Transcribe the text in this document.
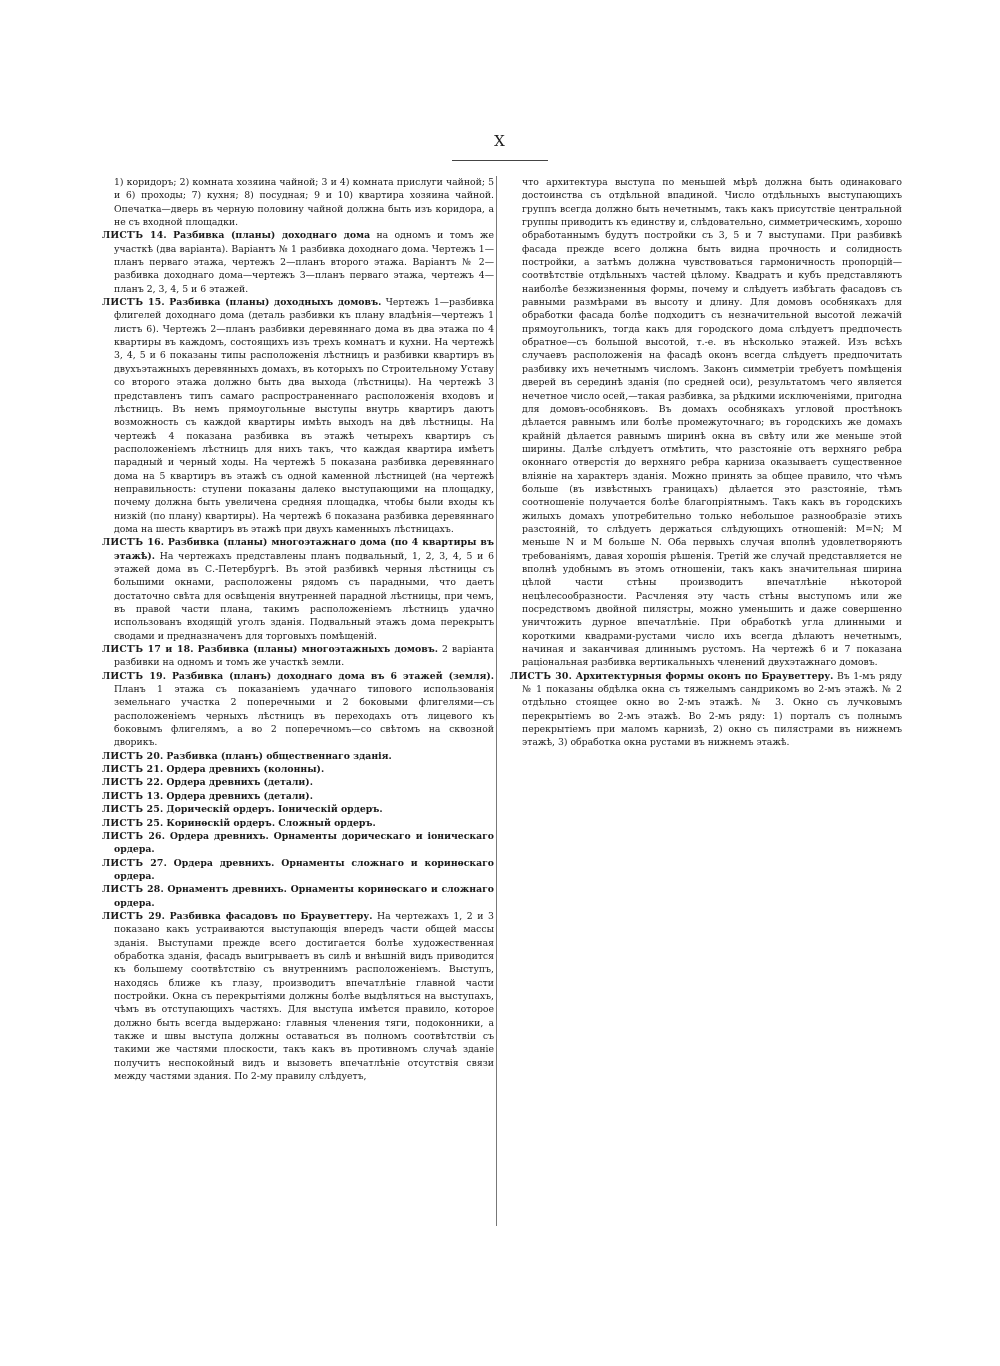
X

1) коридоръ; 2) комната хозяина чайной; 3 и 4) комната прислуги чайной; 5 и 6) проходы; 7) кухня; 8) посудная; 9 и 10) квартира хозяина чайной. Опечатка—дверь въ черную половину чайной должна быть изъ коридора, а не съ входной площадки.

ЛИСТЪ 14. Разбивка (планы) доходнаго дома на одномъ и томъ же участкѣ (два варіанта). Варіантъ № 1 разбивка доходнаго дома. Чертежъ 1—планъ перваго этажа, чертежъ 2—планъ второго этажа. Варіантъ № 2—разбивка доходнаго дома—чертежъ 3—планъ перваго этажа, чертежъ 4—планъ 2, 3, 4, 5 и 6 этажей.

ЛИСТЪ 15. Разбивка (планы) доходныхъ домовъ. Чертежъ 1—разбивка флигелей доходнаго дома (деталь разбивки къ плану владѣнія—чертежъ 1 листъ 6). Чертежъ 2—планъ разбивки деревяннаго дома въ два этажа по 4 квартиры въ каждомъ, состоящихъ изъ трехъ комнатъ и кухни. На чертежѣ 3, 4, 5 и 6 показаны типы расположенія лѣстницъ и разбивки квартиръ въ двухъэтажныхъ деревянныхъ домахъ, въ которыхъ по Строительному Уставу со второго этажа должно быть два выхода (лѣстницы). На чертежѣ 3 представленъ типъ самаго распространеннаго расположенія входовъ и лѣстницъ. Въ немъ прямоугольные выступы внутрь квартиръ даютъ возможность съ каждой квартиры имѣть выходъ на двѣ лѣстницы. На чертежѣ 4 показана разбивка въ этажѣ четырехъ квартиръ съ расположеніемъ лѣстницъ для нихъ такъ, что каждая квартира имѣетъ парадный и черный ходы. На чертежѣ 5 показана разбивка деревяннаго дома на 5 квартиръ въ этажѣ съ одной каменной лѣстницей (на чертежѣ неправильность: ступени показаны далеко выступающими на площадку, почему должна быть увеличена средняя площадка, чтобы были входы къ низкій (по плану) квартиры). На чертежѣ 6 показана разбивка деревяннаго дома на шесть квартиръ въ этажѣ при двухъ каменныхъ лѣстницахъ.

ЛИСТЪ 16. Разбивка (планы) многоэтажнаго дома (по 4 квартиры въ этажѣ). На чертежахъ представлены планъ подвальный, 1, 2, 3, 4, 5 и 6 этажей дома въ С.-Петербургѣ. Въ этой разбивкѣ черныя лѣстницы съ большими окнами, расположены рядомъ съ парадными, что даетъ достаточно свѣта для освѣщенія внутренней парадной лѣстницы, при чемъ, въ правой части плана, такимъ расположеніемъ лѣстницъ удачно использованъ входящій уголъ зданія. Подвальный этажъ дома перекрытъ сводами и предназначенъ для торговыхъ помѣщеній.

ЛИСТЪ 17 и 18. Разбивка (планы) многоэтажныхъ домовъ. 2 варіанта разбивки на одномъ и томъ же участкѣ земли.

ЛИСТЪ 19. Разбивка (планъ) доходнаго дома въ 6 этажей (земля). Планъ 1 этажа съ показаніемъ удачнаго типового использованія земельнаго участка 2 поперечными и 2 боковыми флигелями—съ расположеніемъ черныхъ лѣстницъ въ переходахъ отъ лицевого къ боковымъ флигелямъ, а во 2 поперечномъ—со свѣтомъ на сквозной дворикъ.

ЛИСТЪ 20. Разбивка (планъ) общественнаго зданія.

ЛИСТЪ 21. Ордера древнихъ (колонны).

ЛИСТЪ 22. Ордера древнихъ (детали).

ЛИСТЪ 13. Ордера древнихъ (детали).

ЛИСТЪ 25. Дорическій ордеръ. Іоническій ордеръ.

ЛИСТЪ 25. Коринѳскій ордеръ. Сложный ордеръ.

ЛИСТЪ 26. Ордера древнихъ. Орнаменты дорическаго и іоническаго ордера.

ЛИСТЪ 27. Ордера древнихъ. Орнаменты сложнаго и коринѳскаго ордера.

ЛИСТЪ 28. Орнаментъ древнихъ. Орнаменты коринѳскаго и сложнаго ордера.

ЛИСТЪ 29. Разбивка фасадовъ по Брауветтеру. На чертежахъ 1, 2 и 3 показано какъ устраиваются выступающія впередъ части общей массы зданія. Выступами прежде всего достигается болѣе художественная обработка зданія, фасадъ выигрываетъ въ силѣ и внѣшній видъ приводится къ большему соотвѣтствію съ внутреннимъ расположеніемъ. Выступъ, находясь ближе къ глазу, производитъ впечатлѣніе главной части постройки. Окна съ перекрытіями должны болѣе выдѣляться на выступахъ, чѣмъ въ отступающихъ частяхъ. Для выступа имѣется правило, которое должно быть всегда выдержано: главныя членения тяги, подоконники, а также и швы выступа должны оставаться въ полномъ соотвѣтствіи съ такими же частями плоскости, такъ какъ въ противномъ случаѣ зданіе получитъ неспокойный видъ и вызоветъ впечатлѣніе отсутствія связи между частями здания. По 2-му правилу слѣдуетъ,

что архитектура выступа по меньшей мѣрѣ должна быть одинаковаго достоинства съ отдѣльной впадиной. Число отдѣльныхъ выступающихъ группъ всегда должно быть нечетнымъ, такъ какъ присутствіе центральной группы приводитъ къ единству и, слѣдовательно, симметрическимъ, хорошо обработаннымъ будутъ постройки съ 3, 5 и 7 выступами. При разбивкѣ фасада прежде всего должна быть видна прочность и солидность постройки, а затѣмъ должна чувствоваться гармоничность пропорцій—соотвѣтствіе отдѣльныхъ частей цѣлому. Квадратъ и кубъ представляютъ наиболѣе безжизненныя формы, почему и слѣдуетъ избѣгать фасадовъ съ равными размѣрами въ высоту и длину. Для домовъ особнякахъ для обработки фасада болѣе подходитъ съ незначительной высотой лежачій прямоугольникъ, тогда какъ для городского дома слѣдуетъ предпочесть обратное—съ большой высотой, т.-е. въ нѣсколько этажей. Изъ всѣхъ случаевъ расположенія на фасадѣ оконъ всегда слѣдуетъ предпочитать разбивку ихъ нечетнымъ числомъ. Законъ симметріи требуетъ помѣщенія дверей въ серединѣ зданія (по средней оси), результатомъ чего является нечетное число осей,—такая разбивка, за рѣдкими исключеніями, пригодна для домовъ-особняковъ. Въ домахъ особнякахъ угловой простѣнокъ дѣлается равнымъ или болѣе промежуточнаго; въ городскихъ же домахъ крайній дѣлается равнымъ ширинѣ окна въ свѣту или же меньше этой ширины. Далѣе слѣдуетъ отмѣтить, что разстояніе отъ верхняго ребра оконнаго отверстія до верхняго ребра карниза оказываетъ существенное вліяніе на характеръ зданія. Можно принять за общее правило, что чѣмъ больше (въ извѣстныхъ границахъ) дѣлается это разстояніе, тѣмъ соотношеніе получается болѣе благопріятнымъ. Такъ какъ въ городскихъ жилыхъ домахъ употребительно только небольшое разнообразіе этихъ разстояній, то слѣдуетъ держаться слѣдующихъ отношеній: M=N; M меньше N и M больше N. Оба первыхъ случая вполнѣ удовлетворяютъ требованіямъ, давая хорошія рѣшенія. Третій же случай представляется не вполнѣ удобнымъ въ этомъ отношеніи, такъ какъ значительная ширина цѣлой части стѣны производитъ впечатлѣніе нѣкоторой нецѣлесообразности. Расчленяя эту часть стѣны выступомъ или же посредствомъ двойной пилястры, можно уменьшить и даже совершенно уничтожить дурное впечатлѣніе. При обработкѣ угла длинными и короткими квадрами-рустами число ихъ всегда дѣлаютъ нечетнымъ, начиная и заканчивая длиннымъ рустомъ. На чертежѣ 6 и 7 показана раціональная разбивка вертикальныхъ членений двухэтажнаго домовъ.

ЛИСТЪ 30. Архитектурныя формы оконъ по Брауветтеру. Въ 1-мъ ряду № 1 показаны обдѣлка окна съ тяжелымъ сандрикомъ во 2-мъ этажѣ. № 2 отдѣльно стоящее окно во 2-мъ этажѣ. № 3. Окно съ лучковымъ перекрытіемъ во 2-мъ этажѣ. Во 2-мъ ряду: 1) порталъ съ полнымъ перекрытіемъ при маломъ карнизѣ, 2) окно съ пилястрами въ нижнемъ этажѣ, 3) обработка окна рустами въ нижнемъ этажѣ.
